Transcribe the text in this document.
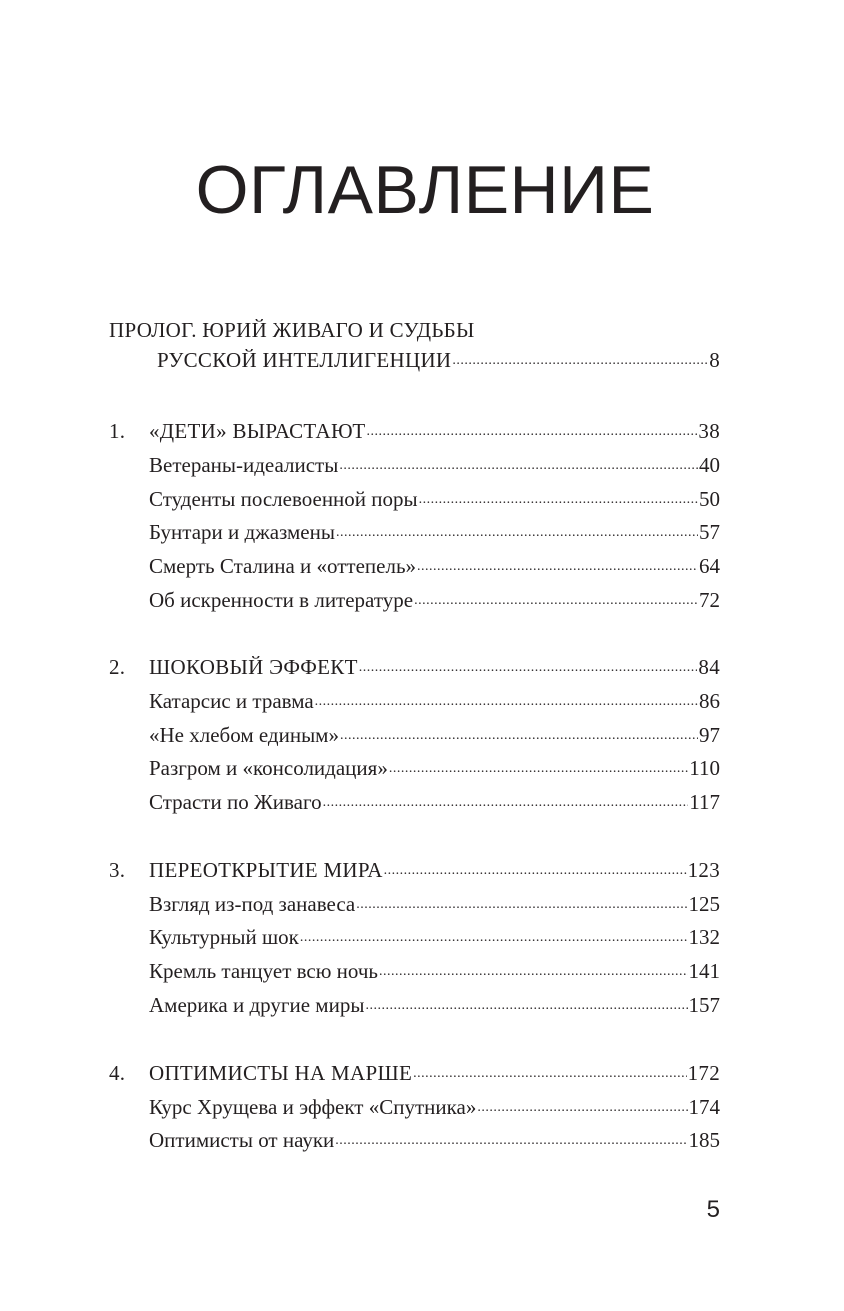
ОГЛАВЛЕНИЕ
ПРОЛОГ. ЮРИЙ ЖИВАГО И СУДЬБЫ
РУССКОЙ ИНТЕЛЛИГЕНЦИИ .....	8
1.	«ДЕТИ» ВЫРАСТАЮТ .....	38
Ветераны-идеалисты .....	40
Студенты послевоенной поры .....	50
Бунтари и джазмены .....	57
Смерть Сталина и «оттепель» .....	64
Об искренности в литературе .....	72
2.	ШОКОВЫЙ ЭФФЕКТ .....	84
Катарсис и травма .....	86
«Не хлебом единым» .....	97
Разгром и «консолидация» .....	110
Страсти по Живаго .....	117
3.	ПЕРЕОТКРЫТИЕ МИРА .....	123
Взгляд из-под занавеса .....	125
Культурный шок .....	132
Кремль танцует всю ночь .....	141
Америка и другие миры .....	157
4.	ОПТИМИСТЫ НА МАРШЕ .....	172
Курс Хрущева и эффект «Спутника» .....	174
Оптимисты от науки .....	185
5
